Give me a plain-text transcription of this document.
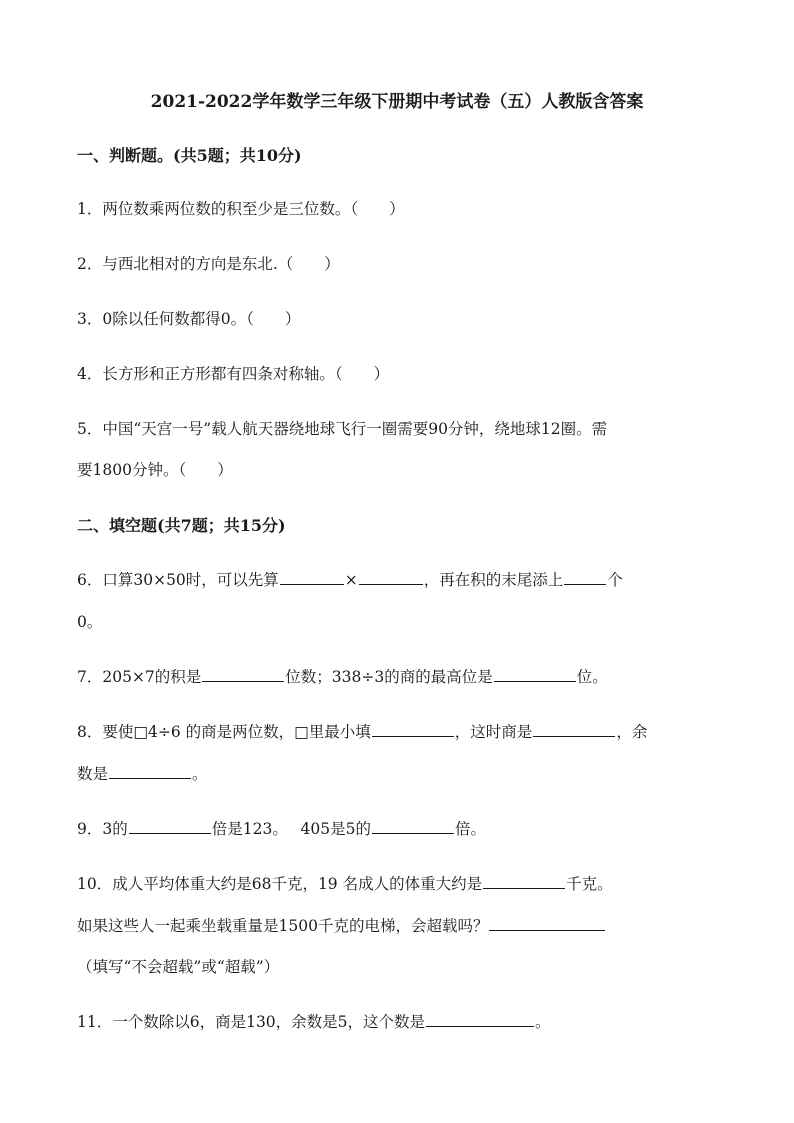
2021-2022学年数学三年级下册期中考试卷（五）人教版含答案
一、判断题。(共5题；共10分)
1．两位数乘两位数的积至少是三位数。（　　）
2．与西北相对的方向是东北.（　　）
3．0除以任何数都得0。（　　）
4．长方形和正方形都有四条对称轴。（　　）
5．中国“天宫一号”载人航天器绕地球飞行一圈需要90分钟，绕地球12圈。需
要1800分钟。（　　）
二、填空题(共7题；共15分)
6．口算30×50时，可以先算	×	，再在积的末尾添上	个
0。
7．205×7的积是	位数；338÷3的商的最高位是	位。
8．要使□4÷6 的商是两位数，□里最小填	，这时商是	，余
数是	。
9．3的	倍是123。　 405是5的	倍。
10．成人平均体重大约是68千克，19 名成人的体重大约是	千克。
如果这些人一起乘坐载重量是1500千克的电梯，会超载吗？
（填写“不会超载”或“超载”）
11．一个数除以6，商是130，余数是5，这个数是	。
